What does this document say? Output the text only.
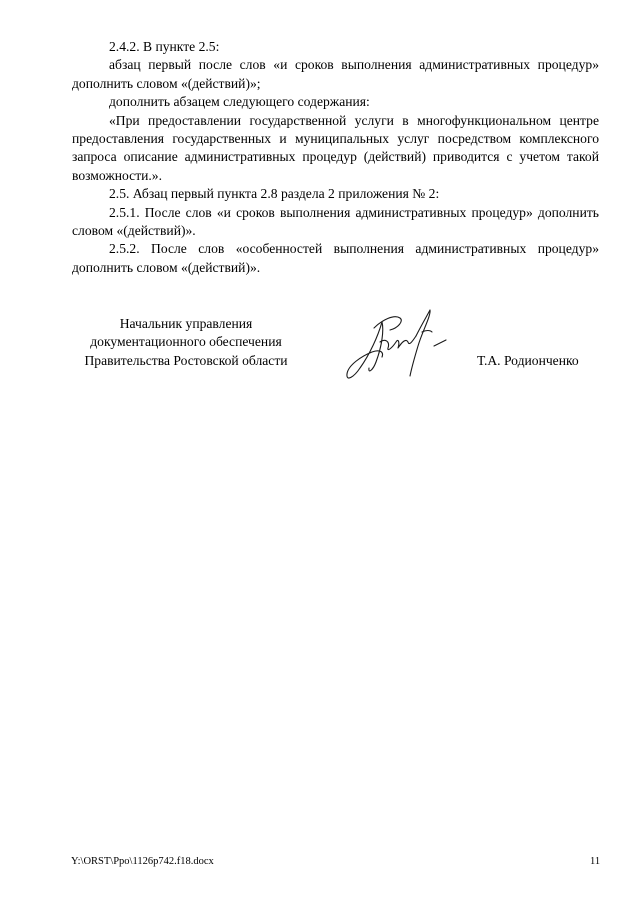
2.4.2. В пункте 2.5:

абзац первый после слов «и сроков выполнения административных процедур» дополнить словом «(действий)»;

дополнить абзацем следующего содержания:

«При предоставлении государственной услуги в многофункциональном центре предоставления государственных и муниципальных услуг посредством комплексного запроса описание административных процедур (действий) приводится с учетом такой возможности.».

2.5. Абзац первый пункта 2.8 раздела 2 приложения № 2:

2.5.1. После слов «и сроков выполнения административных процедур» дополнить словом «(действий)».

2.5.2. После слов «особенностей выполнения административных процедур» дополнить словом «(действий)».

Начальник управления
документационного обеспечения
Правительства Ростовской области	Т.А. Родионченко
Y:\ORST\Ppo\1126p742.f18.docx	11
